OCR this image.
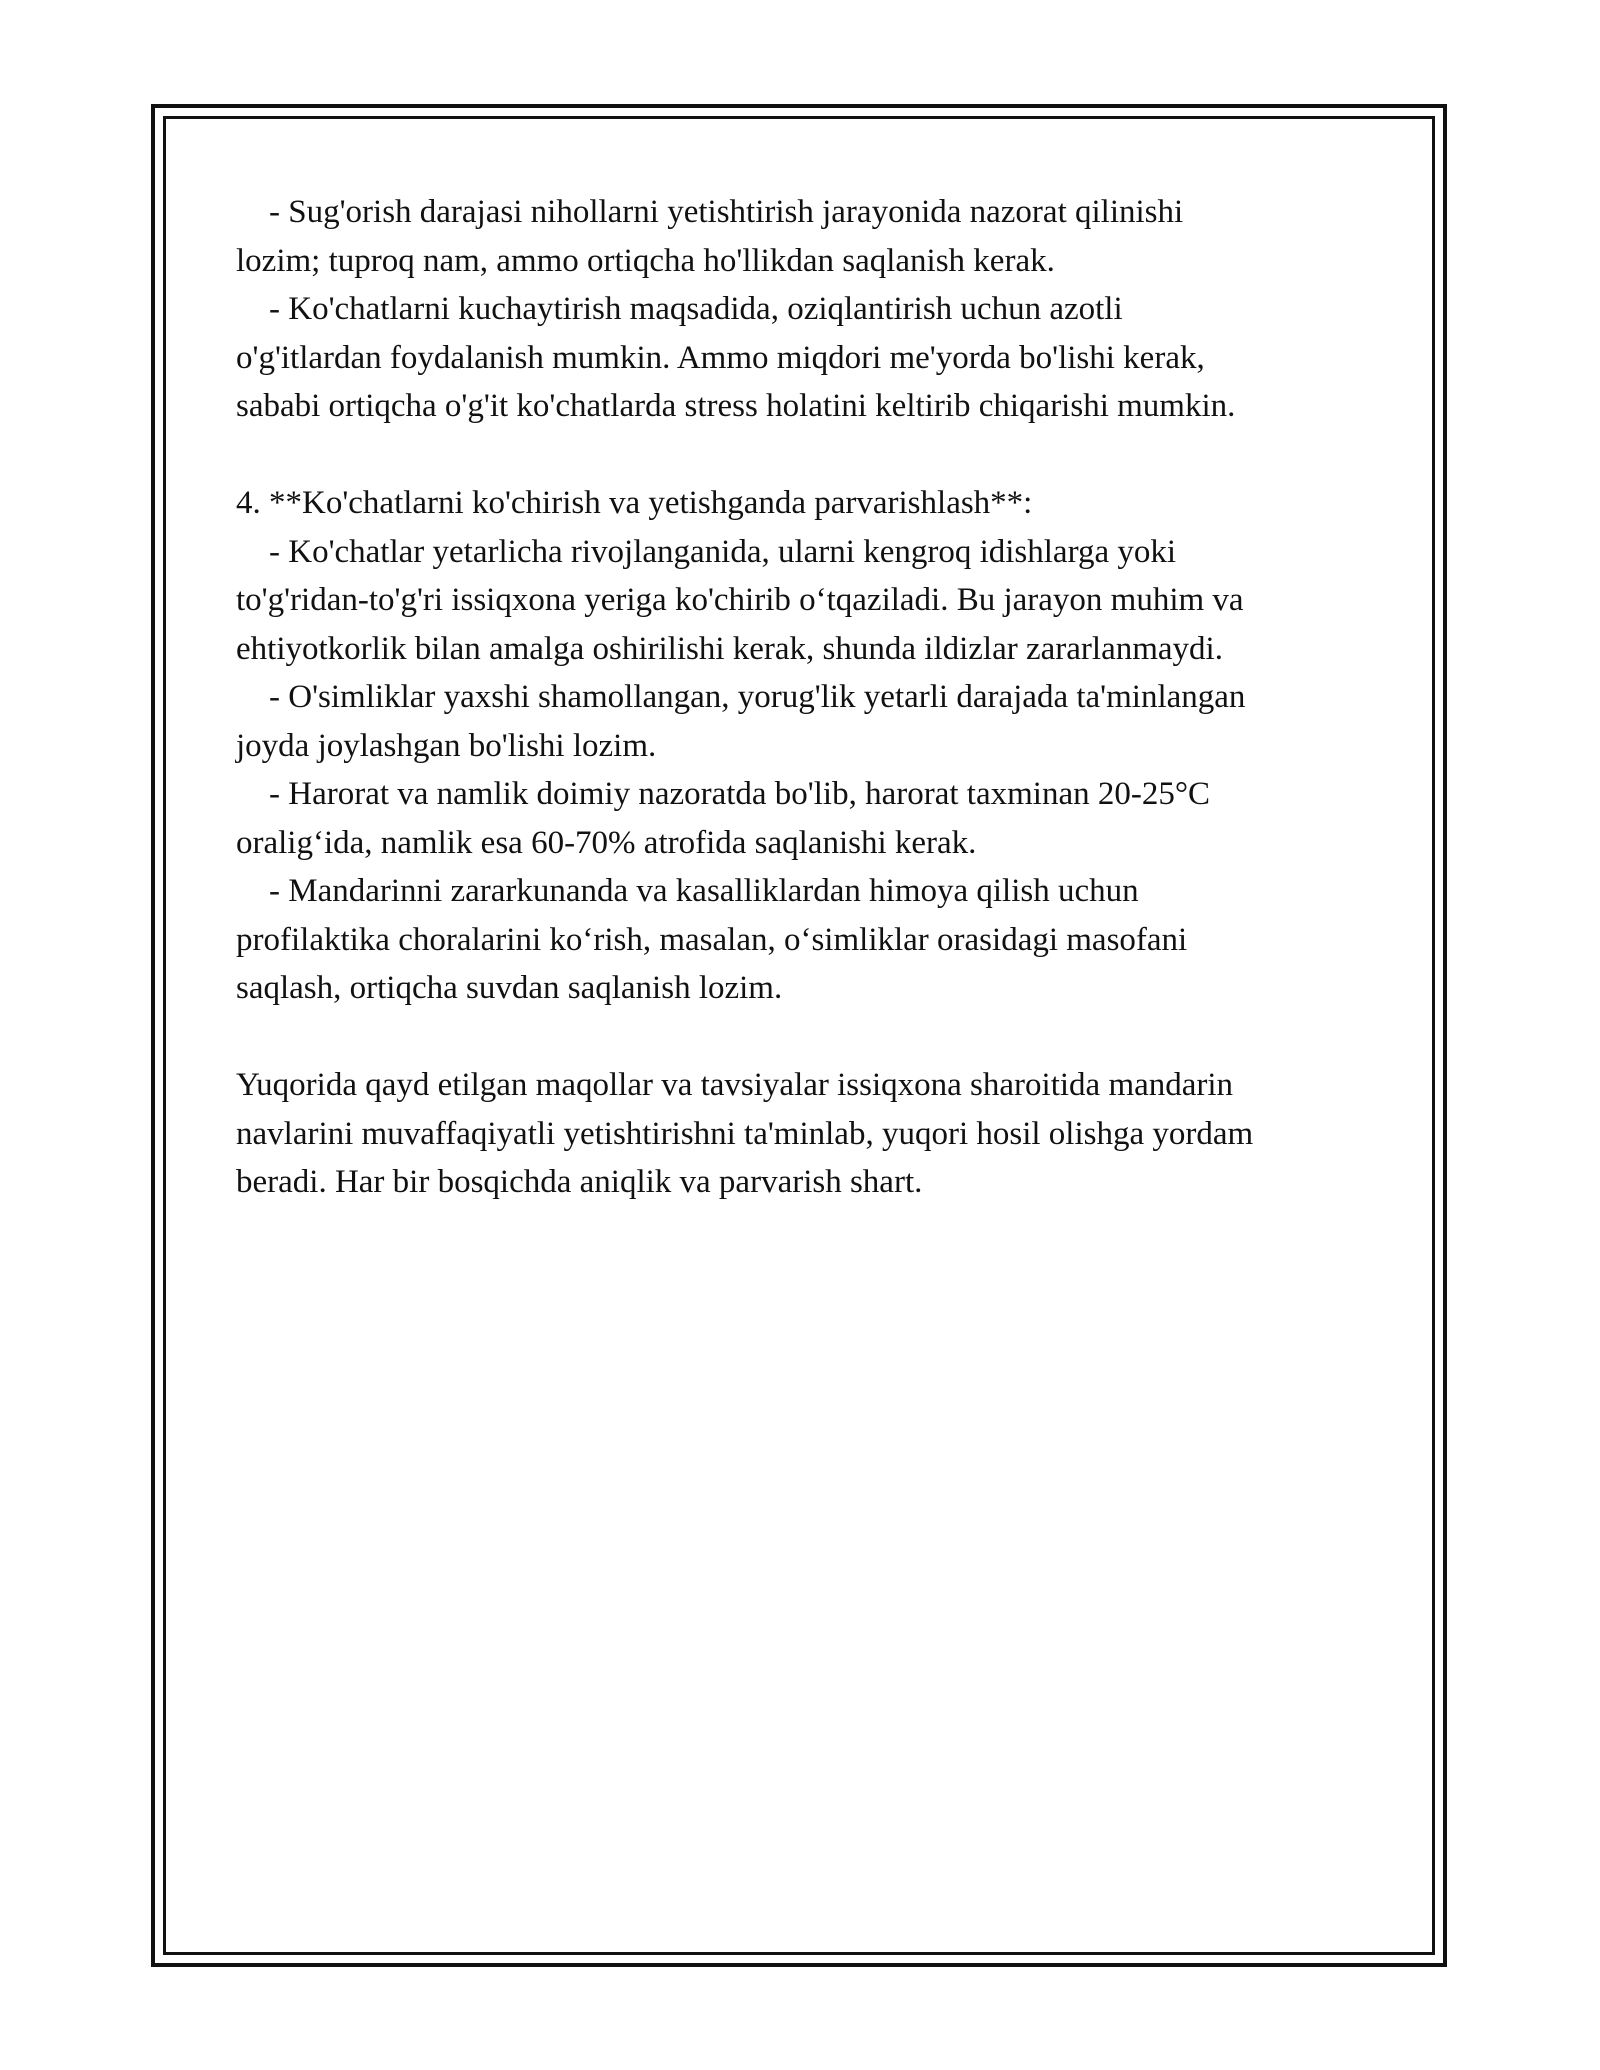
- Sug'orish darajasi nihollarni yetishtirish jarayonida nazorat qilinishi

lozim; tuproq nam, ammo ortiqcha ho'llikdan saqlanish kerak.

- Ko'chatlarni kuchaytirish maqsadida, oziqlantirish uchun azotli

o'g'itlardan foydalanish mumkin. Ammo miqdori me'yorda bo'lishi kerak,

sababi ortiqcha o'g'it ko'chatlarda stress holatini keltirib chiqarishi mumkin.

4. **Ko'chatlarni ko'chirish va yetishganda parvarishlash**:

- Ko'chatlar yetarlicha rivojlanganida, ularni kengroq idishlarga yoki

to'g'ridan-to'g'ri issiqxona yeriga ko'chirib o‘tqaziladi. Bu jarayon muhim va

ehtiyotkorlik bilan amalga oshirilishi kerak, shunda ildizlar zararlanmaydi.

- O'simliklar yaxshi shamollangan, yorug'lik yetarli darajada ta'minlangan

joyda joylashgan bo'lishi lozim.

- Harorat va namlik doimiy nazoratda bo'lib, harorat taxminan 20-25°C

oralig‘ida, namlik esa 60-70% atrofida saqlanishi kerak.

- Mandarinni zararkunanda va kasalliklardan himoya qilish uchun

profilaktika choralarini ko‘rish, masalan, o‘simliklar orasidagi masofani

saqlash, ortiqcha suvdan saqlanish lozim.

Yuqorida qayd etilgan maqollar va tavsiyalar issiqxona sharoitida mandarin

navlarini muvaffaqiyatli yetishtirishni ta'minlab, yuqori hosil olishga yordam

beradi. Har bir bosqichda aniqlik va parvarish shart.
